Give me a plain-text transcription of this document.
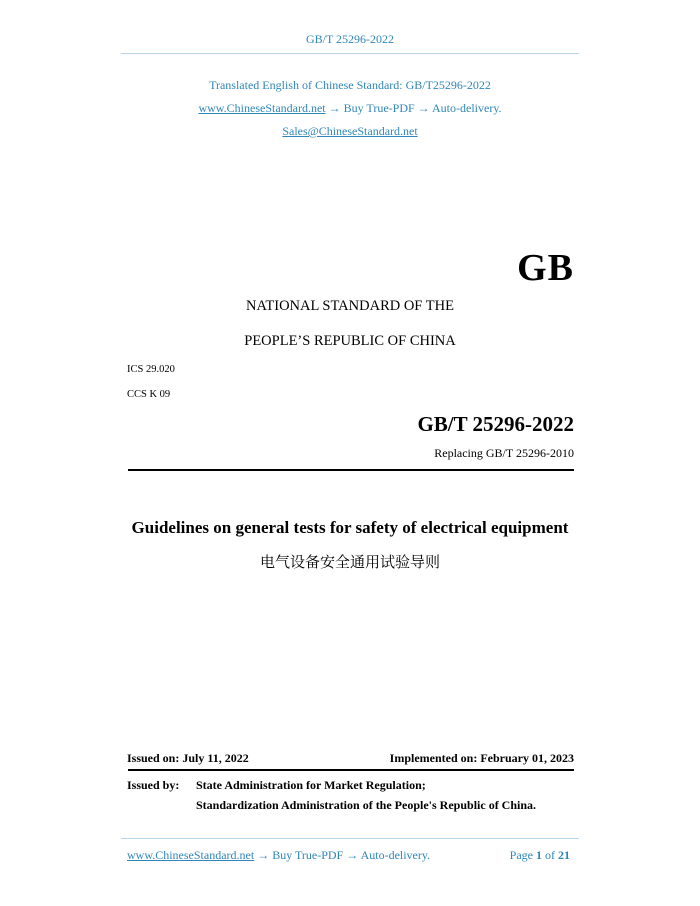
GB/T 25296-2022
Translated English of Chinese Standard: GB/T25296-2022
www.ChineseStandard.net → Buy True-PDF → Auto-delivery.
Sales@ChineseStandard.net
GB
NATIONAL STANDARD OF THE
PEOPLE’S REPUBLIC OF CHINA
ICS 29.020
CCS K 09
GB/T 25296-2022
Replacing GB/T 25296-2010
Guidelines on general tests for safety of electrical equipment
电气设备安全通用试验导则
Issued on: July 11, 2022	Implemented on: February 01, 2023
Issued by: State Administration for Market Regulation;
Standardization Administration of the People's Republic of China.
www.ChineseStandard.net → Buy True-PDF → Auto-delivery.	Page 1 of 21
